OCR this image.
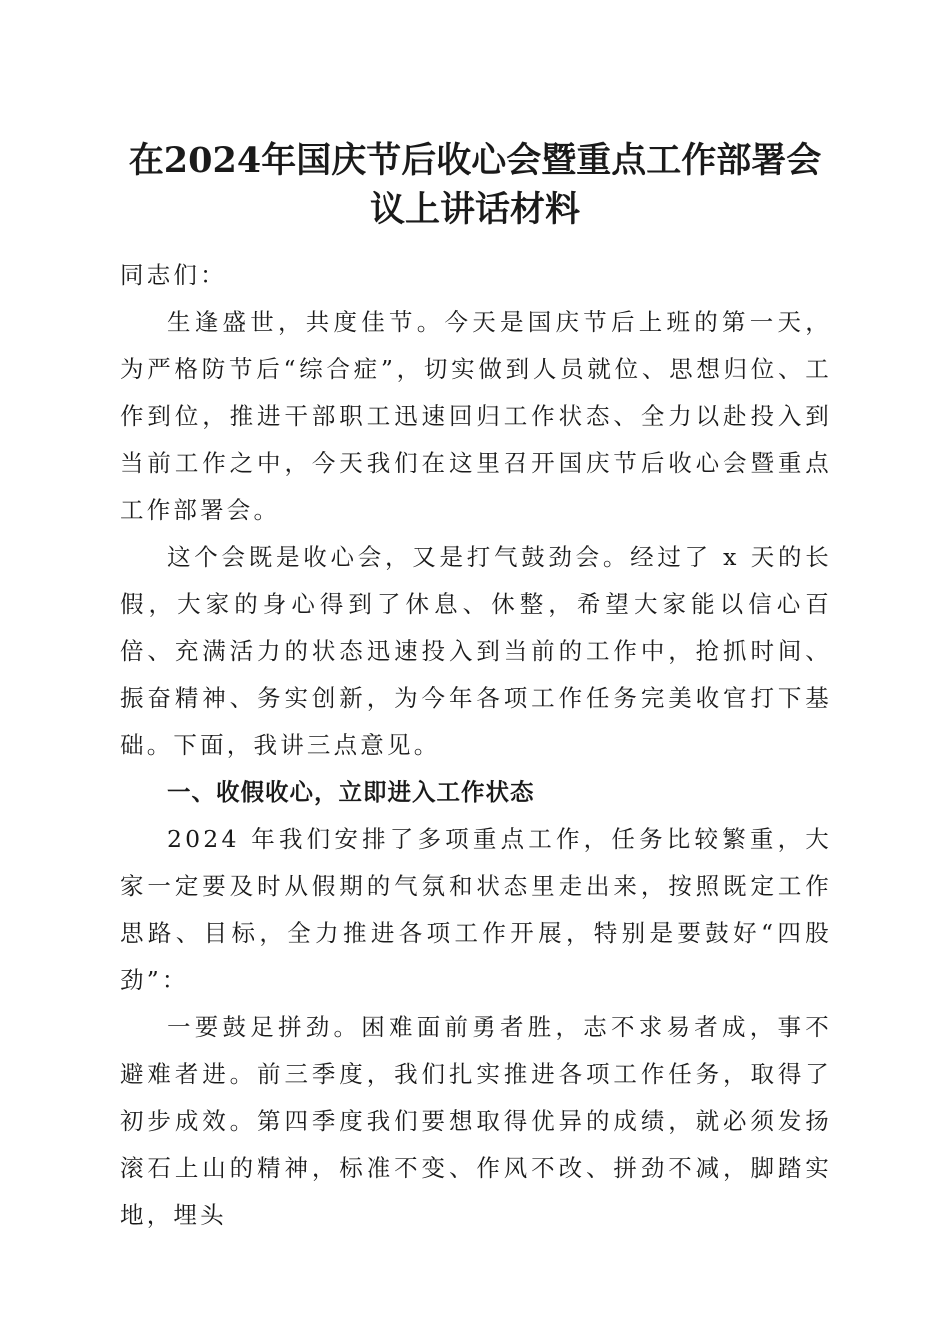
在2024年国庆节后收心会暨重点工作部署会
议上讲话材料

同志们：

生逢盛世，共度佳节。今天是国庆节后上班的第一天，为严格防节后“综合症”，切实做到人员就位、思想归位、工作到位，推进干部职工迅速回归工作状态、全力以赴投入到当前工作之中，今天我们在这里召开国庆节后收心会暨重点工作部署会。

这个会既是收心会，又是打气鼓劲会。经过了 x 天的长假，大家的身心得到了休息、休整，希望大家能以信心百倍、充满活力的状态迅速投入到当前的工作中，抢抓时间、振奋精神、务实创新，为今年各项工作任务完美收官打下基础。下面，我讲三点意见。

一、收假收心，立即进入工作状态

2024 年我们安排了多项重点工作，任务比较繁重，大家一定要及时从假期的气氛和状态里走出来，按照既定工作思路、目标，全力推进各项工作开展，特别是要鼓好“四股劲”：

一要鼓足拼劲。困难面前勇者胜，志不求易者成，事不避难者进。前三季度，我们扎实推进各项工作任务，取得了初步成效。第四季度我们要想取得优异的成绩，就必须发扬滚石上山的精神，标准不变、作风不改、拼劲不减，脚踏实地，埋头
